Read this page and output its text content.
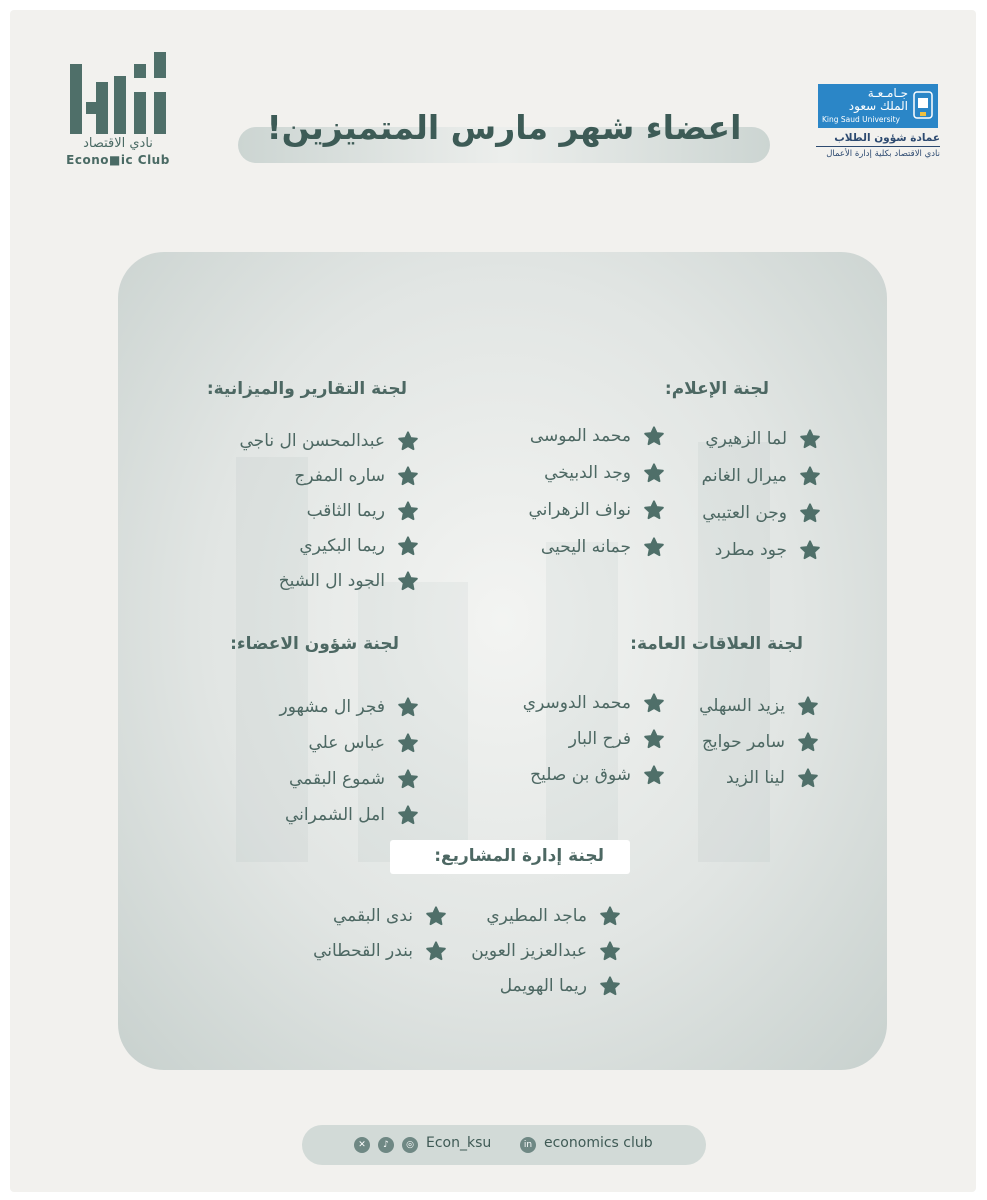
نادي الاقتصاد
Econo■ic Club
جـامـعـة
الملك سعود
King Saud University
عمادة شؤون الطلاب
نادي الاقتصاد بكلية إدارة الأعمال
اعضاء شهر مارس المتميزين!
لجنة الإعلام:
لما الزهيري
ميرال الغانم
وجن العتيبي
جود مطرد
محمد الموسى
وجد الدبيخي
نواف الزهراني
جمانه اليحيى
لجنة التقارير والميزانية:
عبدالمحسن ال ناجي
ساره المفرج
ريما الثاقب
ريما البكيري
الجود ال الشيخ
لجنة العلاقات العامة:
يزيد السهلي
سامر حوايج
لينا الزيد
محمد الدوسري
فرح البار
شوق بن صليح
لجنة شؤون الاعضاء:
فجر ال مشهور
عباس علي
شموع البقمي
امل الشمراني
لجنة إدارة المشاريع:
ماجد المطيري
عبدالعزيز العوين
ريما الهويمل
ندى البقمي
بندر القحطاني
✕	♪	◎ Econ_ksu	in economics club
